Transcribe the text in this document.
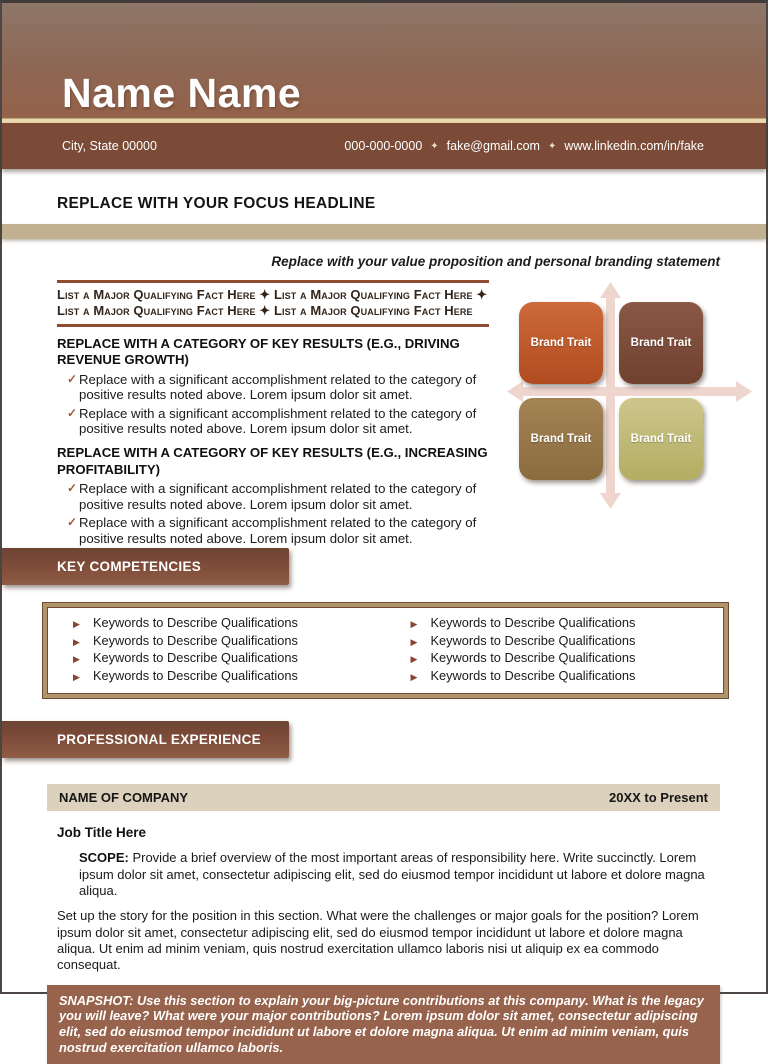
Name Name
City, State 00000	000-000-0000 ✦ fake@gmail.com ✦ www.linkedin.com/in/fake
REPLACE WITH YOUR FOCUS HEADLINE
Replace with your value proposition and personal branding statement
List a Major Qualifying Fact Here ✦ List a Major Qualifying Fact Here ✦ List a Major Qualifying Fact Here ✦ List a Major Qualifying Fact Here
REPLACE WITH A CATEGORY OF KEY RESULTS (E.G., DRIVING REVENUE GROWTH)
✓ Replace with a significant accomplishment related to the category of positive results noted above. Lorem ipsum dolor sit amet.
✓ Replace with a significant accomplishment related to the category of positive results noted above. Lorem ipsum dolor sit amet.
REPLACE WITH A CATEGORY OF KEY RESULTS (E.G., INCREASING PROFITABILITY)
✓ Replace with a significant accomplishment related to the category of positive results noted above. Lorem ipsum dolor sit amet.
✓ Replace with a significant accomplishment related to the category of positive results noted above. Lorem ipsum dolor sit amet.
Brand Trait	Brand Trait
Brand Trait	Brand Trait
KEY COMPETENCIES
▶	Keywords to Describe Qualifications
▶	Keywords to Describe Qualifications
▶	Keywords to Describe Qualifications
▶	Keywords to Describe Qualifications
▶	Keywords to Describe Qualifications
▶	Keywords to Describe Qualifications
▶	Keywords to Describe Qualifications
▶	Keywords to Describe Qualifications
PROFESSIONAL EXPERIENCE
NAME OF COMPANY	20XX to Present
Job Title Here
SCOPE: Provide a brief overview of the most important areas of responsibility here. Write succinctly. Lorem ipsum dolor sit amet, consectetur adipiscing elit, sed do eiusmod tempor incididunt ut labore et dolore magna aliqua.
Set up the story for the position in this section. What were the challenges or major goals for the position? Lorem ipsum dolor sit amet, consectetur adipiscing elit, sed do eiusmod tempor incididunt ut labore et dolore magna aliqua. Ut enim ad minim veniam, quis nostrud exercitation ullamco laboris nisi ut aliquip ex ea commodo consequat.
SNAPSHOT: Use this section to explain your big-picture contributions at this company. What is the legacy you will leave? What were your major contributions? Lorem ipsum dolor sit amet, consectetur adipiscing elit, sed do eiusmod tempor incididunt ut labore et dolore magna aliqua. Ut enim ad minim veniam, quis nostrud exercitation ullamco laboris.
